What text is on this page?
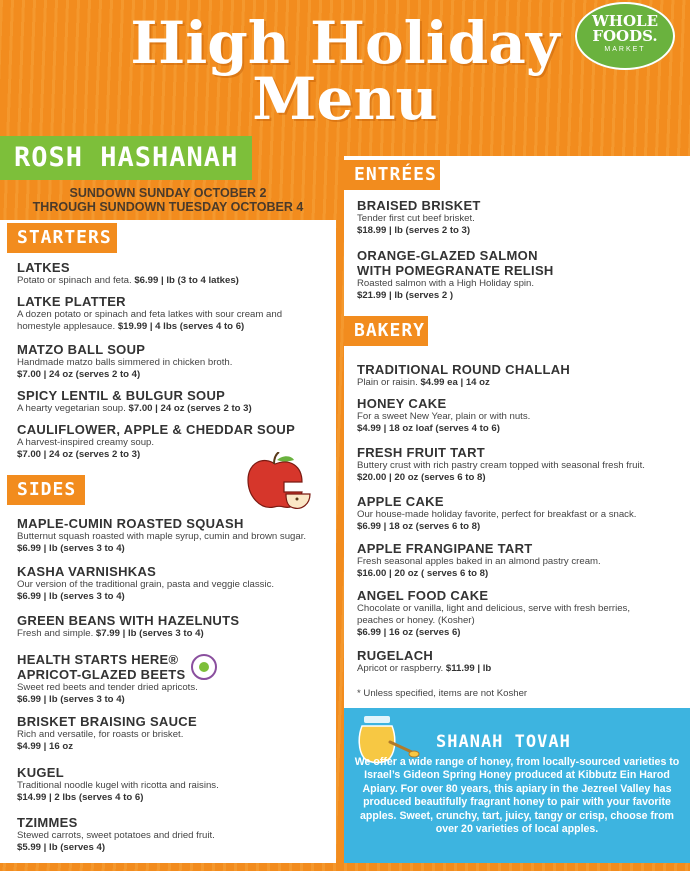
High Holiday
Menu
WHOLE
FOODS.
MARKET
ROSH HASHANAH
SUNDOWN SUNDAY OCTOBER 2
THROUGH SUNDOWN TUESDAY OCTOBER 4
STARTERS
LATKES
Potato or spinach and feta. $6.99 | lb (3 to 4 latkes)
LATKE PLATTER
A dozen potato or spinach and feta latkes with sour cream and homestyle applesauce. $19.99 | 4 lbs (serves 4 to 6)
MATZO BALL SOUP
Handmade matzo balls simmered in chicken broth.
$7.00 | 24 oz (serves 2 to 4)
SPICY LENTIL & BULGUR SOUP
A hearty vegetarian soup. $7.00 | 24 oz (serves 2 to 3)
CAULIFLOWER, APPLE & CHEDDAR SOUP
A harvest-inspired creamy soup.
$7.00 | 24 oz (serves 2 to 3)
SIDES
MAPLE-CUMIN ROASTED SQUASH
Butternut squash roasted with maple syrup, cumin and brown sugar. $6.99 | lb (serves 3 to 4)
KASHA VARNISHKAS
Our version of the traditional grain, pasta and veggie classic.
$6.99 | lb (serves 3 to 4)
GREEN BEANS WITH HAZELNUTS
Fresh and simple. $7.99 | lb (serves 3 to 4)
HEALTH STARTS HERE®
APRICOT-GLAZED BEETS
Sweet red beets and tender dried apricots.
$6.99 | lb (serves 3 to 4)
BRISKET BRAISING SAUCE
Rich and versatile, for roasts or brisket.
$4.99 | 16 oz
KUGEL
Traditional noodle kugel with ricotta and raisins.
$14.99 | 2 lbs (serves 4 to 6)
TZIMMES
Stewed carrots, sweet potatoes and dried fruit.
$5.99 | lb (serves 4)
ENTRÉES
BRAISED BRISKET
Tender first cut beef brisket.
$18.99 | lb (serves 2 to 3)
ORANGE-GLAZED SALMON
WITH POMEGRANATE RELISH
Roasted salmon with a High Holiday spin.
$21.99 | lb (serves 2 )
BAKERY
TRADITIONAL ROUND CHALLAH
Plain or raisin. $4.99 ea | 14 oz
HONEY CAKE
For a sweet New Year, plain or with nuts.
$4.99 | 18 oz loaf (serves 4 to 6)
FRESH FRUIT TART
Buttery crust with rich pastry cream topped with seasonal fresh fruit. $20.00 | 20 oz (serves 6 to 8)
APPLE CAKE
Our house-made holiday favorite, perfect for breakfast or a snack.
$6.99 | 18 oz (serves 6 to 8)
APPLE FRANGIPANE TART
Fresh seasonal apples baked in an almond pastry cream.
$16.00 | 20 oz ( serves 6 to 8)
ANGEL FOOD CAKE
Chocolate or vanilla, light and delicious, serve with fresh berries, peaches or honey. (Kosher)
$6.99 | 16 oz (serves 6)
RUGELACH
Apricot or raspberry. $11.99 | lb
* Unless specified, items are not Kosher
SHANAH TOVAH
We offer a wide range of honey, from locally-sourced varieties to Israel’s Gideon Spring Honey produced at Kibbutz Ein Harod Apiary. For over 80 years, this apiary in the Jezreel Valley has produced beautifully fragrant honey to pair with your favorite apples. Sweet, crunchy, tart, juicy, tangy or crisp, choose from over 20 varieties of local apples.
